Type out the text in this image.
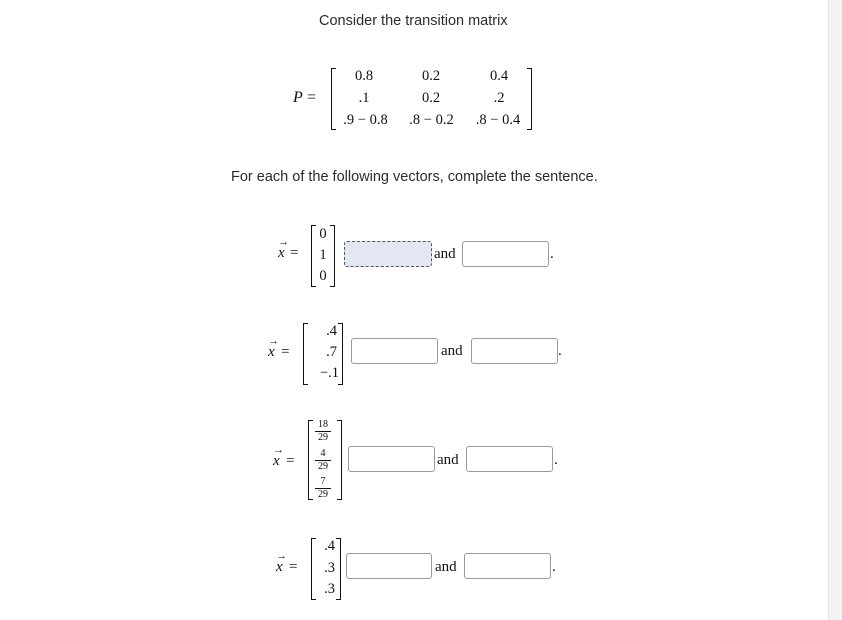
Consider the transition matrix
P =
0.8	0.2	0.4
.1	0.2	.2
.9 − 0.8	.8 − 0.2	.8 − 0.4
For each of the following vectors, complete the sentence.
→
x =
0
1
0
and	.
→
x =
.4
.7
−.1
and	.
→
x =
18
29
4
29
7
29
and	.
→
x =
.4
.3
.3
and	.
